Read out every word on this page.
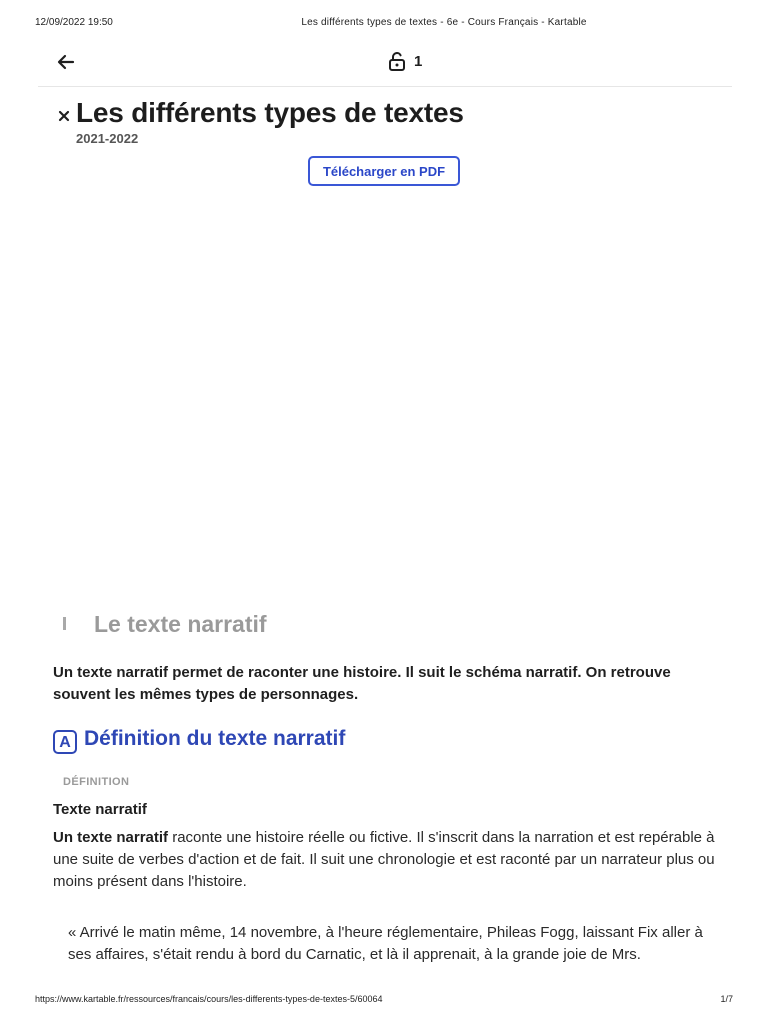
12/09/2022 19:50	Les différents types de textes - 6e - Cours Français - Kartable
1
Les différents types de textes
2021-2022
Télécharger en PDF
Le texte narratif

Un texte narratif permet de raconter une histoire. Il suit le schéma narratif. On retrouve souvent les mêmes types de personnages.

A Définition du texte narratif
DÉFINITION
Texte narratif

Un texte narratif raconte une histoire réelle ou fictive. Il s'inscrit dans la narration et est repérable à une suite de verbes d'action et de fait. Il suit une chronologie et est raconté par un narrateur plus ou moins présent dans l'histoire.

« Arrivé le matin même, 14 novembre, à l'heure réglementaire, Phileas Fogg, laissant Fix aller à ses affaires, s'était rendu à bord du Carnatic, et là il apprenait, à la grande joie de Mrs.

https://www.kartable.fr/ressources/francais/cours/les-differents-types-de-textes-5/60064	1/7
